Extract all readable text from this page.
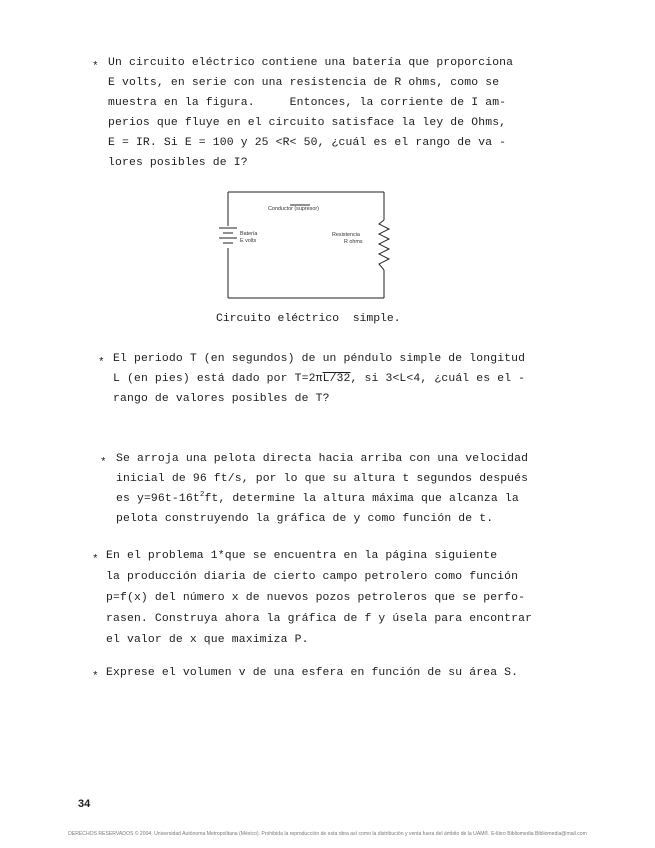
* Un circuito eléctrico contiene una batería que proporciona
E volts, en serie con una resistencia de R ohms, como se
muestra en la figura.     Entonces, la corriente de I am-
perios que fluye en el circuito satisface la ley de Ohms,
E = IR. Si E = 100 y 25 <R< 50, ¿cuál es el rango de va -
lores posibles de I?
Conductor (supresor)
Batería
E volts
Resistencia
R ohms
Circuito eléctrico  simple.
* El periodo T (en segundos) de un péndulo simple de longitud
L (en pies) está dado por T=2πL/32, si 3<L<4, ¿cuál es el -
rango de valores posibles de T?
* Se arroja una pelota directa hacia arriba con una velocidad
inicial de 96 ft/s, por lo que su altura t segundos después
es $y=96t-16t^2ft$, determine la altura máxima que alcanza la
pelota construyendo la gráfica de y como función de t.
* En el problema 1*que se encuentra en la página siguiente
la producción diaria de cierto campo petrolero como función
p=f(x) del número x de nuevos pozos petroleros que se perfo-
rasen. Construya ahora la gráfica de f y úsela para encontrar
el valor de x que maximiza P.
* Exprese el volumen v de una esfera en función de su área S.
34
DERECHOS RESERVADOS © 2004, Universidad Autónoma Metropolitana (México). Prohibida la reproducción de esta obra así como la distribución y venta fuera del ámbito de la UAM®. E-libro Bibliomedia Bibliomedia@mail.com
